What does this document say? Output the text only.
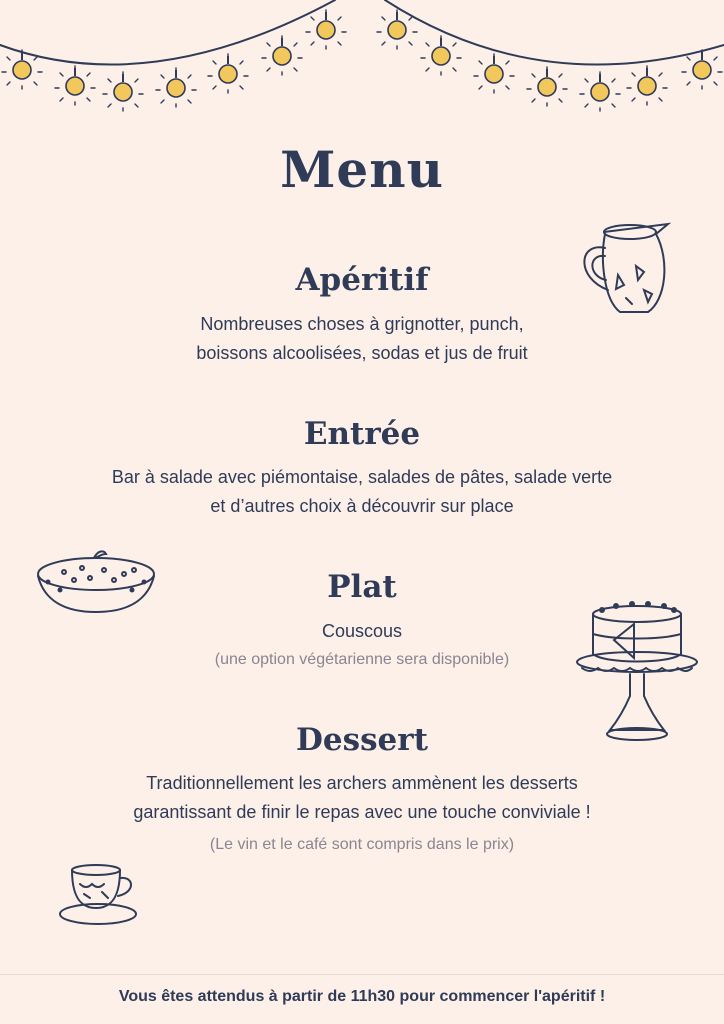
Menu
Apéritif

Nombreuses choses à grignotter, punch,

boissons alcoolisées, sodas et jus de fruit

Entrée

Bar à salade avec piémontaise, salades de pâtes, salade verte

et d’autres choix à découvrir sur place

Plat

Couscous

(une option végétarienne sera disponible)

Dessert

Traditionnellement les archers ammènent les desserts

garantissant de finir le repas avec une touche conviviale !

(Le vin et le café sont compris dans le prix)

Vous êtes attendus à partir de 11h30 pour commencer l'apéritif !
